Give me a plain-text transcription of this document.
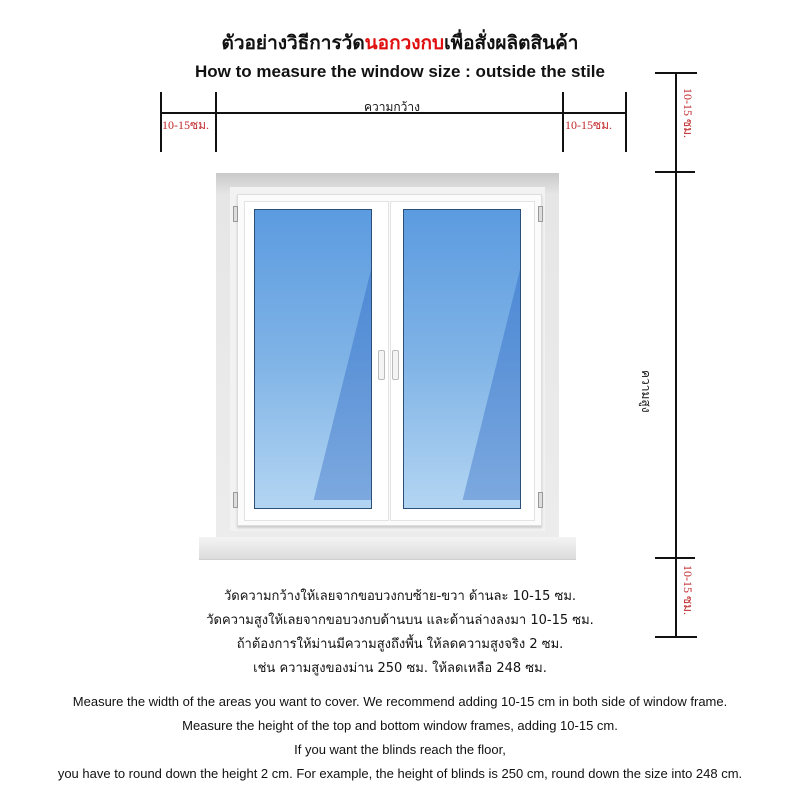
ตัวอย่างวิธีการวัดนอกวงกบเพื่อสั่งผลิตสินค้า
How to measure the window size : outside the stile
ความกว้าง
10-15ซม.	10-15ซม.	10-15 ซม.
10-15 ซม.
ความสูง
วัดความกว้างให้เลยจากขอบวงกบซ้าย-ขวา ด้านละ 10-15 ซม.
วัดความสูงให้เลยจากขอบวงกบด้านบน และด้านล่างลงมา 10-15 ซม.
ถ้าต้องการให้ม่านมีความสูงถึงพื้น ให้ลดความสูงจริง 2 ซม.
เช่น ความสูงของม่าน 250 ซม. ให้ลดเหลือ 248 ซม.
Measure the width of the areas you want to cover. We recommend adding 10-15 cm in both side of window frame.
Measure the height of the top and bottom window frames, adding 10-15 cm.
If you want the blinds reach the floor,
you have to round down the height 2 cm. For example, the height of blinds is 250 cm, round down the size into 248 cm.
